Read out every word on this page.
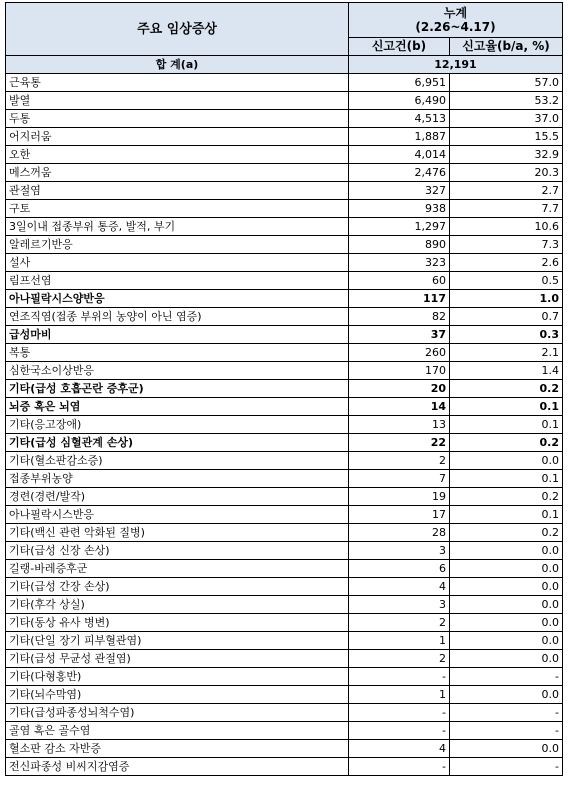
주요 임상증상	누계
(2.26~4.17)	

	신고건(b)	신고율(b/a, %)
합 계(a)	12,191	
근육통	6,951	57.0
발열	6,490	53.2
두통	4,513	37.0
어지러움	1,887	15.5
오한	4,014	32.9
메스꺼움	2,476	20.3
관절염	327	2.7
구토	938	7.7
3일이내 접종부위 통증, 발적, 부기	1,297	10.6
알레르기반응	890	7.3
설사	323	2.6
림프선염	60	0.5
아나필락시스양반응	117	1.0
연조직염(접종 부위의 농양이 아닌 염증)	82	0.7
급성마비	37	0.3
복통	260	2.1
심한국소이상반응	170	1.4
기타(급성 호흡곤란 증후군)	20	0.2
뇌증 혹은 뇌염	14	0.1
기타(응고장애)	13	0.1
기타(급성 심혈관계 손상)	22	0.2
기타(혈소판감소증)	2	0.0
접종부위농양	7	0.1
경련(경련/발작)	19	0.2
아나필락시스반응	17	0.1
기타(백신 관련 악화된 질병)	28	0.2
기타(급성 신장 손상)	3	0.0
길랭-바레증후군	6	0.0
기타(급성 간장 손상)	4	0.0
기타(후각 상실)	3	0.0
기타(동상 유사 병변)	2	0.0
기타(단일 장기 피부혈관염)	1	0.0
기타(급성 무균성 관절염)	2	0.0
기타(다형홍반)	-	-
기타(뇌수막염)	1	0.0
기타(급성파종성뇌척수염)	-	-
골염 혹은 골수염	-	-
혈소판 감소 자반증	4	0.0
전신파종성 비씨지감염증	-	-
